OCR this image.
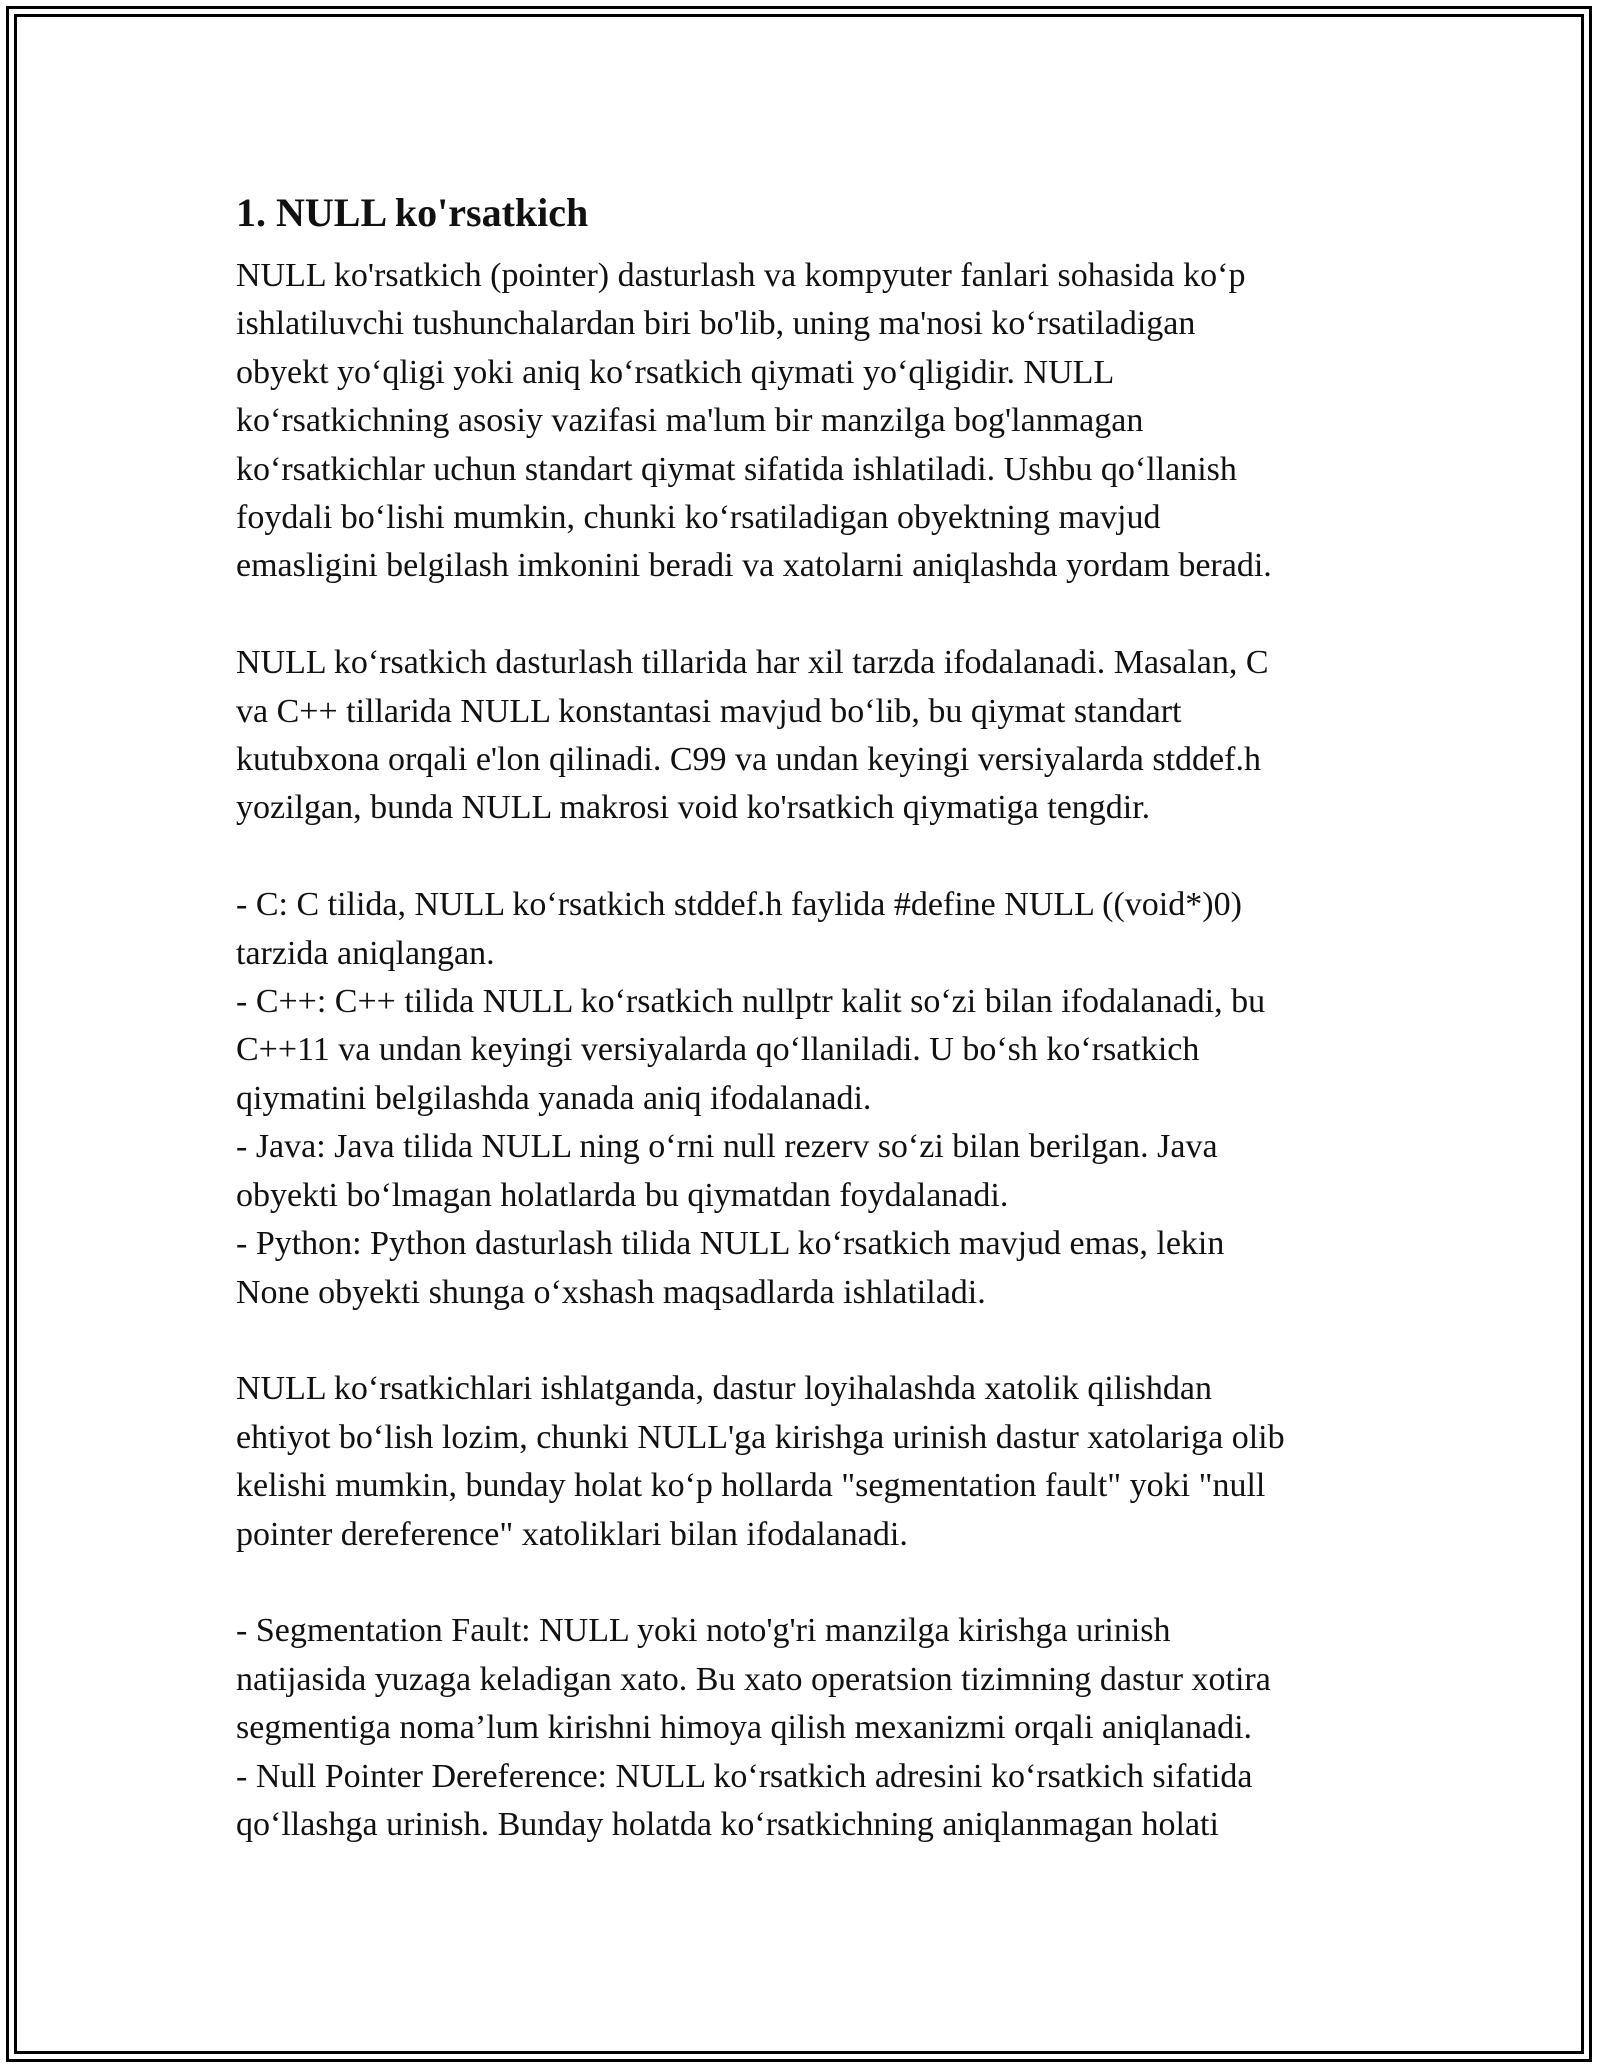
1. NULL ko'rsatkich

NULL ko'rsatkich (pointer) dasturlash va kompyuter fanlari sohasida ko‘p
ishlatiluvchi tushunchalardan biri bo'lib, uning ma'nosi ko‘rsatiladigan
obyekt yo‘qligi yoki aniq ko‘rsatkich qiymati yo‘qligidir. NULL
ko‘rsatkichning asosiy vazifasi ma'lum bir manzilga bog'lanmagan
ko‘rsatkichlar uchun standart qiymat sifatida ishlatiladi. Ushbu qo‘llanish
foydali bo‘lishi mumkin, chunki ko‘rsatiladigan obyektning mavjud
emasligini belgilash imkonini beradi va xatolarni aniqlashda yordam beradi.

NULL ko‘rsatkich dasturlash tillarida har xil tarzda ifodalanadi. Masalan, C
va C++ tillarida NULL konstantasi mavjud bo‘lib, bu qiymat standart
kutubxona orqali e'lon qilinadi. C99 va undan keyingi versiyalarda stddef.h
yozilgan, bunda NULL makrosi void ko'rsatkich qiymatiga tengdir.

- C: C tilida, NULL ko‘rsatkich stddef.h faylida #define NULL ((void*)0)
tarzida aniqlangan.
- C++: C++ tilida NULL ko‘rsatkich nullptr kalit so‘zi bilan ifodalanadi, bu
C++11 va undan keyingi versiyalarda qo‘llaniladi. U bo‘sh ko‘rsatkich
qiymatini belgilashda yanada aniq ifodalanadi.
- Java: Java tilida NULL ning o‘rni null rezerv so‘zi bilan berilgan. Java
obyekti bo‘lmagan holatlarda bu qiymatdan foydalanadi.
- Python: Python dasturlash tilida NULL ko‘rsatkich mavjud emas, lekin
None obyekti shunga o‘xshash maqsadlarda ishlatiladi.

NULL ko‘rsatkichlari ishlatganda, dastur loyihalashda xatolik qilishdan
ehtiyot bo‘lish lozim, chunki NULL'ga kirishga urinish dastur xatolariga olib
kelishi mumkin, bunday holat ko‘p hollarda "segmentation fault" yoki "null
pointer dereference" xatoliklari bilan ifodalanadi.

- Segmentation Fault: NULL yoki noto'g'ri manzilga kirishga urinish
natijasida yuzaga keladigan xato. Bu xato operatsion tizimning dastur xotira
segmentiga noma’lum kirishni himoya qilish mexanizmi orqali aniqlanadi.
- Null Pointer Dereference: NULL ko‘rsatkich adresini ko‘rsatkich sifatida
qo‘llashga urinish. Bunday holatda ko‘rsatkichning aniqlanmagan holati
